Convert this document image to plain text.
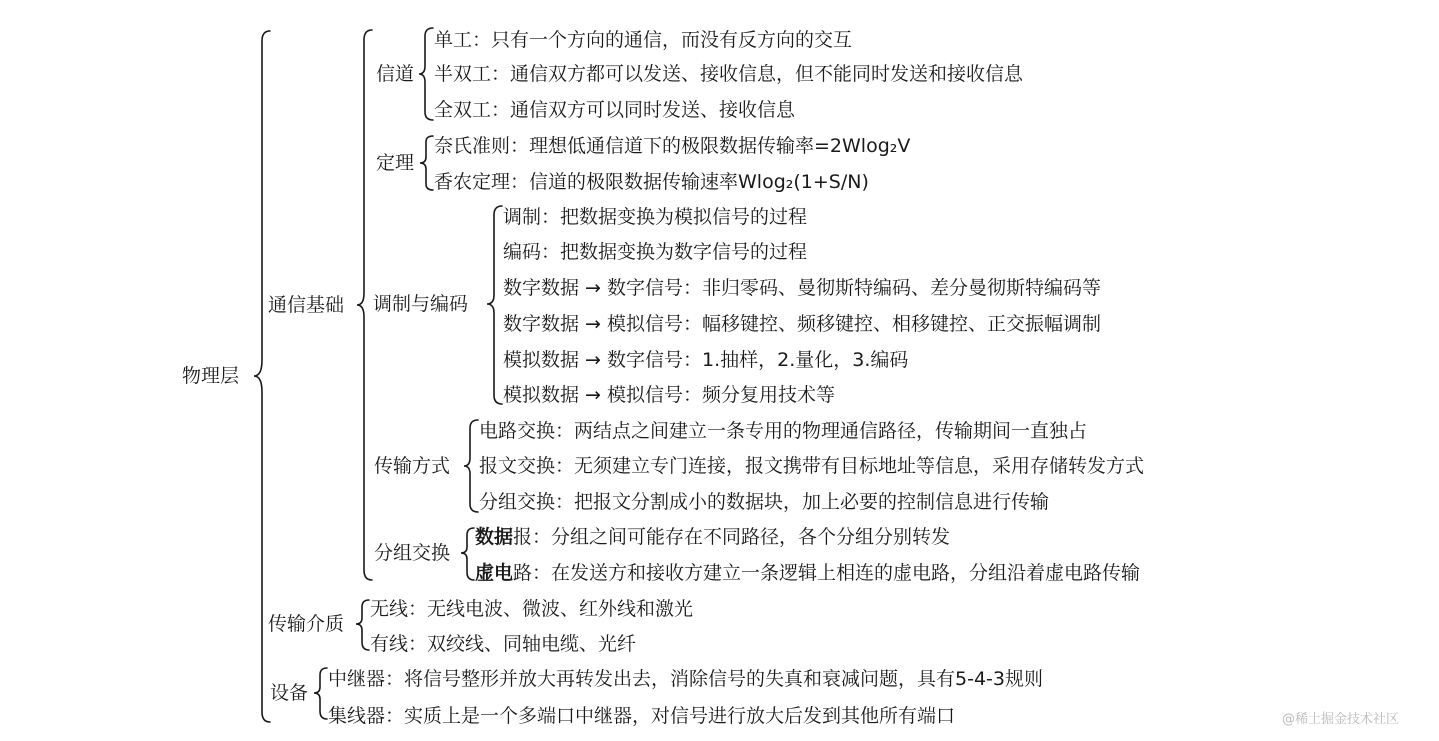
物理层
通信基础
传输介质
设备
信道
定理
调制与编码
传输方式
分组交换
单工：只有一个方向的通信，而没有反方向的交互
半双工：通信双方都可以发送、接收信息，但不能同时发送和接收信息
全双工：通信双方可以同时发送、接收信息
奈氏准则：理想低通信道下的极限数据传输率=2Wlog₂V
香农定理：信道的极限数据传输速率Wlog₂(1+S/N)
调制：把数据变换为模拟信号的过程
编码：把数据变换为数字信号的过程
数字数据 → 数字信号：非归零码、曼彻斯特编码、差分曼彻斯特编码等
数字数据 → 模拟信号：幅移键控、频移键控、相移键控、正交振幅调制
模拟数据 → 数字信号：1.抽样，2.量化，3.编码
模拟数据 → 模拟信号：频分复用技术等
电路交换：两结点之间建立一条专用的物理通信路径，传输期间一直独占
报文交换：无须建立专门连接，报文携带有目标地址等信息，采用存储转发方式
分组交换：把报文分割成小的数据块，加上必要的控制信息进行传输
数据报：分组之间可能存在不同路径，各个分组分别转发
虚电路：在发送方和接收方建立一条逻辑上相连的虚电路，分组沿着虚电路传输
无线：无线电波、微波、红外线和激光
有线：双绞线、同轴电缆、光纤
中继器：将信号整形并放大再转发出去，消除信号的失真和衰减问题，具有5-4-3规则
集线器：实质上是一个多端口中继器，对信号进行放大后发到其他所有端口	@稀土掘金技术社区
